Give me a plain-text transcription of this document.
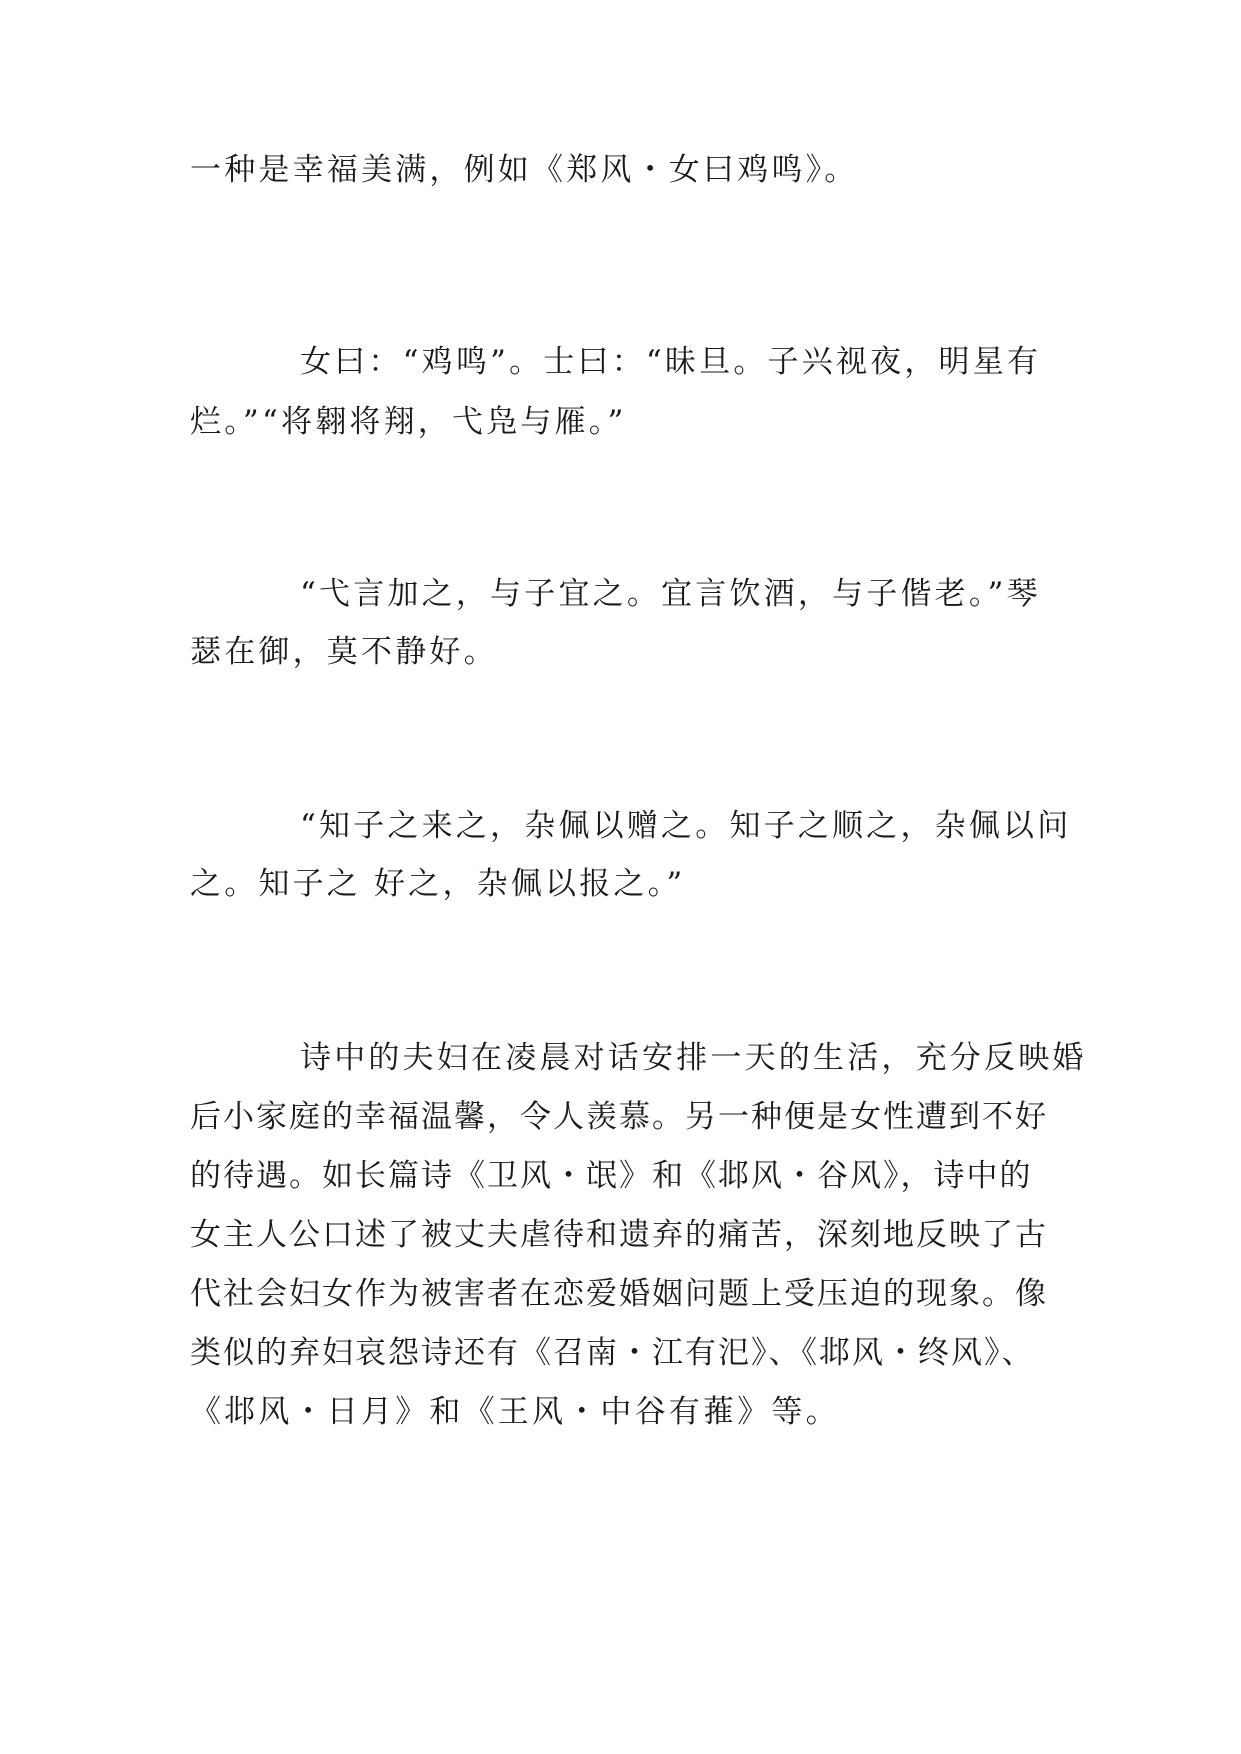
一种是幸福美满，例如《郑风・女曰鸡鸣》。
女曰：“鸡鸣”。士曰：“昧旦。子兴视夜，明星有
烂。”“将翱将翔，弋凫与雁。”
“弋言加之，与子宜之。宜言饮酒，与子偕老。”琴
瑟在御，莫不静好。
“知子之来之，杂佩以赠之。知子之顺之，杂佩以问
之。知子之 好之，杂佩以报之。”
诗中的夫妇在凌晨对话安排一天的生活，充分反映婚
后小家庭的幸福温馨，令人羡慕。另一种便是女性遭到不好
的待遇。如长篇诗《卫风・氓》和《邶风・谷风》，诗中的
女主人公口述了被丈夫虐待和遗弃的痛苦，深刻地反映了古
代社会妇女作为被害者在恋爱婚姻问题上受压迫的现象。像
类似的弃妇哀怨诗还有《召南・江有汜》、《邶风・终风》、
《邶风・日月》和《王风・中谷有蓷》等。
